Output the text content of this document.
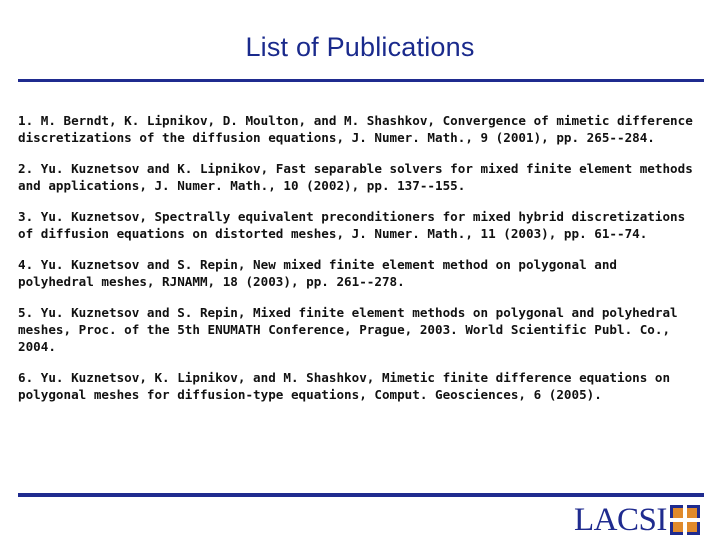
List of Publications
1. M. Berndt, K. Lipnikov, D. Moulton, and M. Shashkov, Convergence of mimetic difference discretizations of the diffusion equations, J. Numer. Math., 9 (2001), pp. 265--284.
2. Yu. Kuznetsov and K. Lipnikov, Fast separable solvers for mixed finite element methods and applications, J. Numer. Math., 10 (2002), pp. 137--155.
3. Yu. Kuznetsov, Spectrally equivalent preconditioners for mixed hybrid discretizations of diffusion equations on distorted meshes, J. Numer. Math., 11 (2003), pp. 61--74.
4. Yu. Kuznetsov and S. Repin, New mixed finite element method on polygonal and polyhedral meshes, RJNAMM, 18 (2003), pp. 261--278.
5. Yu. Kuznetsov and S. Repin, Mixed finite element methods on polygonal and polyhedral meshes, Proc. of the 5th ENUMATH Conference, Prague, 2003. World Scientific Publ. Co., 2004.
6. Yu. Kuznetsov, K. Lipnikov, and M. Shashkov, Mimetic finite difference equations on polygonal meshes for diffusion-type equations, Comput. Geosciences, 6 (2005).
LACSI
